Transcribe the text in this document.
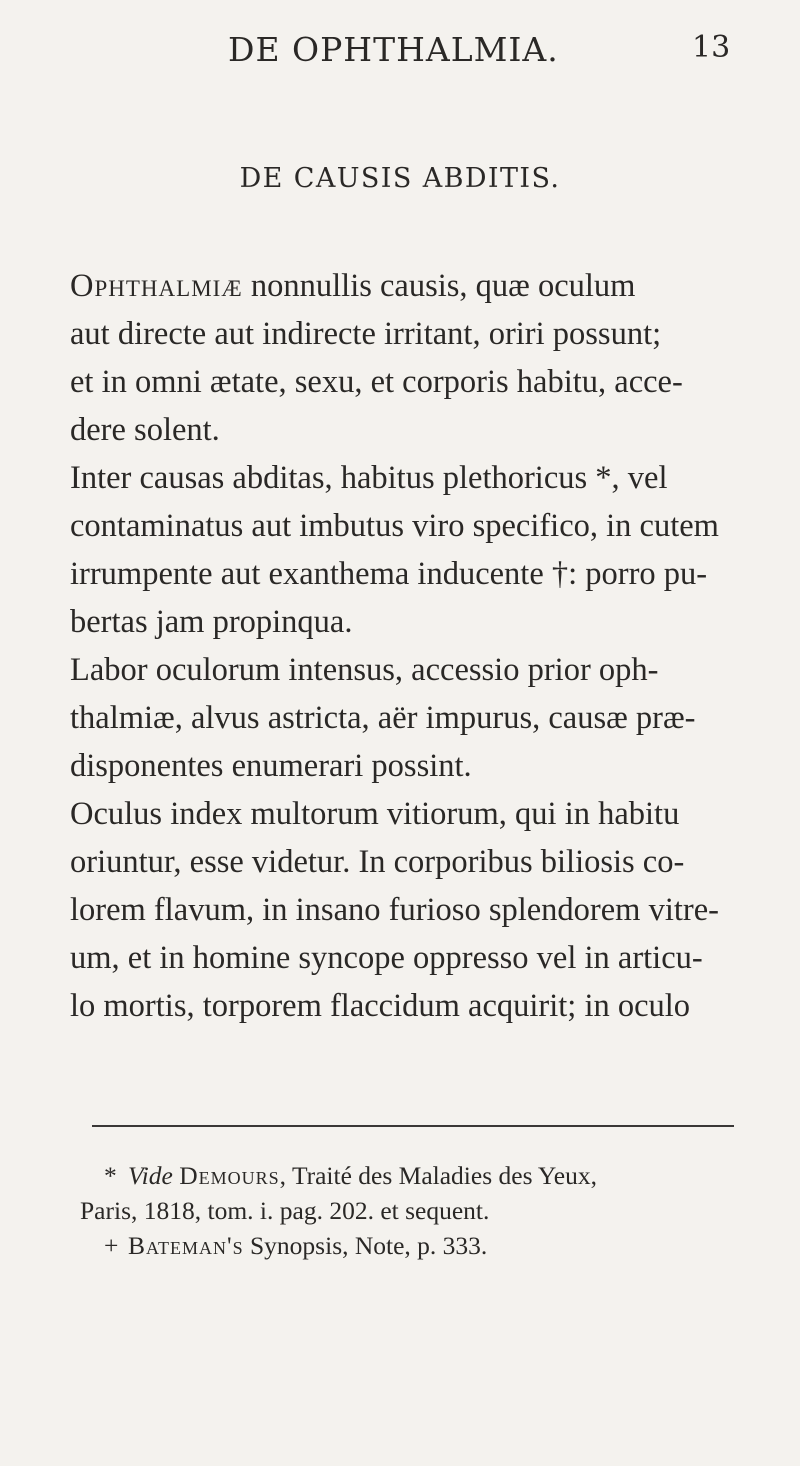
DE OPHTHALMIA.	13
DE CAUSIS ABDITIS.
Ophthalmiæ nonnullis causis, quæ oculum
aut directe aut indirecte irritant, oriri possunt;
et in omni ætate, sexu, et corporis habitu, acce-
dere solent.
Inter causas abditas, habitus plethoricus *, vel
contaminatus aut imbutus viro specifico, in cutem
irrumpente aut exanthema inducente †: porro pu-
bertas jam propinqua.
Labor oculorum intensus, accessio prior oph-
thalmiæ, alvus astricta, aër impurus, causæ præ-
disponentes enumerari possint.
Oculus index multorum vitiorum, qui in habitu
oriuntur, esse videtur. In corporibus biliosis co-
lorem flavum, in insano furioso splendorem vitre-
um, et in homine syncope oppresso vel in articu-
lo mortis, torporem flaccidum acquirit; in oculo
* Vide Demours, Traité des Maladies des Yeux,
Paris, 1818, tom. i. pag. 202. et sequent.
+ Bateman's Synopsis, Note, p. 333.
